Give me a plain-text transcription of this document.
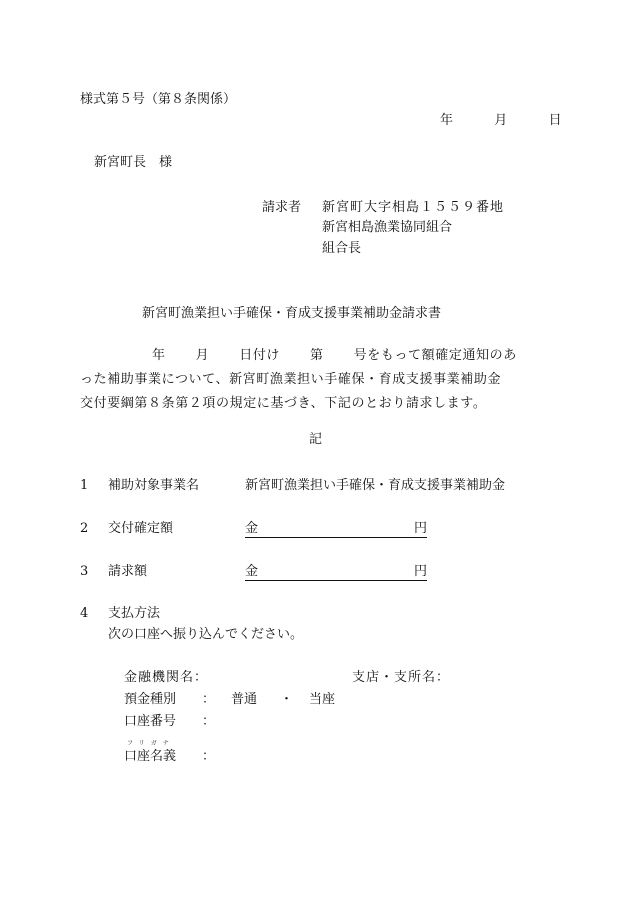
様式第５号（第８条関係）
年	月	日
新宮町長　様
請求者 新宮町大字相島１５５９番地
新宮相島漁業協同組合
組合長
新宮町漁業担い手確保・育成支援事業補助金請求書
年 月 日付け 第 号をもって額確定通知のあ
った補助事業について、新宮町漁業担い手確保・育成支援事業補助金
交付要綱第８条第２項の規定に基づき、下記のとおり請求します。
記
1 補助対象事業名	新宮町漁業担い手確保・育成支援事業補助金
2 交付確定額	金	円
3 請求額	金	円
4 支払方法
次の口座へ振り込んでください。
金融機関名：	支店・支所名：
預金種別 ： 普通 ・ 当座
口座番号 ：
フリガナ
口座名義 ：
